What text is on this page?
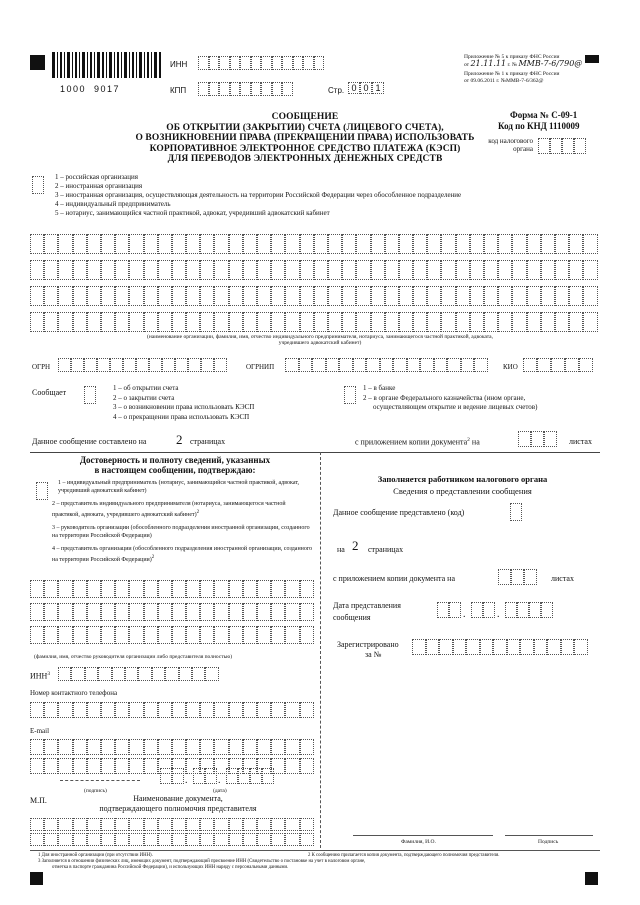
1000  9017
ИНН
КПП	Стр. 0 0 1
Приложение № 5 к приказу ФНС России
от 21.11.11 г. № ММВ-7-6/790@
Приложение № 1 к приказу ФНС России
от 09.06.2011 г. №ММВ-7-6/362@
СООБЩЕНИЕ
ОБ ОТКРЫТИИ (ЗАКРЫТИИ) СЧЕТА (ЛИЦЕВОГО СЧЕТА),
О ВОЗНИКНОВЕНИИ ПРАВА (ПРЕКРАЩЕНИИ ПРАВА) ИСПОЛЬЗОВАТЬ
КОРПОРАТИВНОЕ ЭЛЕКТРОННОЕ СРЕДСТВО ПЛАТЕЖА (КЭСП)
ДЛЯ ПЕРЕВОДОВ ЭЛЕКТРОННЫХ ДЕНЕЖНЫХ СРЕДСТВ
Форма № С-09-1
Код по КНД 1110009
код налогового
органа
1 – российская организация
2 – иностранная организация
3 – иностранная организация, осуществляющая деятельность на территории Российской Федерации через обособленное подразделение
4 – индивидуальный предприниматель
5 – нотариус, занимающийся частной практикой, адвокат, учредивший адвокатский кабинет
(наименование организации, фамилия, имя, отчество индивидуального предпринимателя, нотариуса, занимающегося частной практикой, адвоката,
учредившего адвокатский кабинет)
ОГРН	ОГРНИП	КИО
Сообщает	1 – об открытии счета
2 – о закрытии счета
3 – о возникновении права использовать КЭСП
4 – о прекращении права использовать КЭСП
1 – в банке
2 – в органе Федерального казначейства (ином органе,
осуществляющем открытие и ведение лицевых счетов)
Данное сообщение составлено на 2 страницах	с приложением копии документа$^2$ на	листах
Достоверность и полноту сведений, указанных
в настоящем сообщении, подтверждаю:
1 – индивидуальный предприниматель (нотариус, занимающийся частной практикой, адвокат, учредивший адвокатский кабинет)
2 – представитель индивидуального предпринимателя (нотариуса, занимающегося частной практикой, адвоката, учредившего адвокатский кабинет)$^2$
3 – руководитель организации (обособленного подразделения иностранной организации, созданного на территории Российской Федерации)
4 – представитель организации (обособленного подразделения иностранной организации, созданного на территории Российской Федерации)$^2$
(фамилия, имя, отчество руководителя организации либо представителя полностью)
ИНН$^3$
Номер контактного телефона
E-mail
.	.
(подпись)	(дата)
М.П.	Наименование документа,
подтверждающего полномочия представителя
Заполняется работником налогового органа
Сведения о представлении сообщения
Данное сообщение представлено (код)
на 2 страницах
с приложением копии документа на	листах
Дата представления
сообщения	.	.
Зарегистрировано
за №
Фамилия, И.О.	Подпись
1 Для иностранной организации (при отсутствии ИНН).	2 К сообщению прилагается копия документа, подтверждающего полномочия представителя.
3 Заполняется в отношении физических лиц, имеющих документ, подтверждающий присвоение ИНН (Свидетельство о постановке на учет в налоговом органе,
отметка в паспорте гражданина Российской Федерации), и использующих ИНН наряду с персональными данными.
